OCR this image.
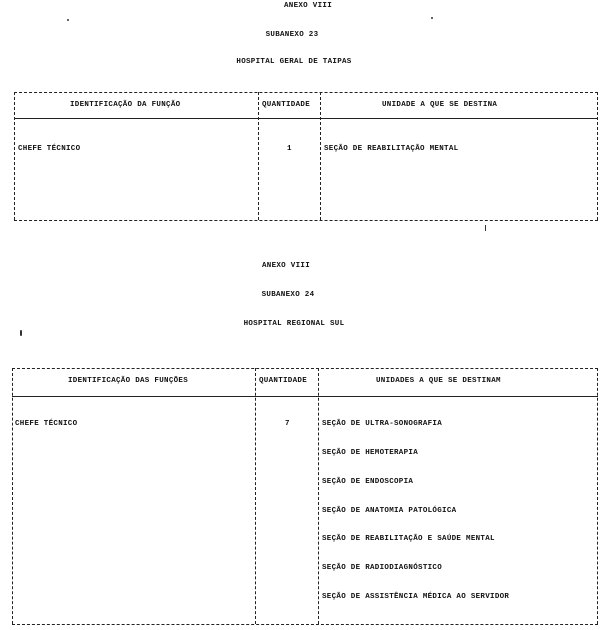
ANEXO VIII
SUBANEXO 23
HOSPITAL GERAL DE TAIPAS
IDENTIFICAÇÃO DA FUNÇÃO	QUANTIDADE	UNIDADE A QUE SE DESTINA
CHEFE TÉCNICO	1	SEÇÃO DE REABILITAÇÃO MENTAL
ANEXO VIII
SUBANEXO 24
HOSPITAL REGIONAL SUL
IDENTIFICAÇÃO DAS FUNÇÕES	QUANTIDADE	UNIDADES A QUE SE DESTINAM
CHEFE TÉCNICO	7	SEÇÃO DE ULTRA-SONOGRAFIA
SEÇÃO DE HEMOTERAPIA
SEÇÃO DE ENDOSCOPIA
SEÇÃO DE ANATOMIA PATOLÓGICA
SEÇÃO DE REABILITAÇÃO E SAÚDE MENTAL
SEÇÃO DE RADIODIAGNÓSTICO
SEÇÃO DE ASSISTÊNCIA MÉDICA AO SERVIDOR
